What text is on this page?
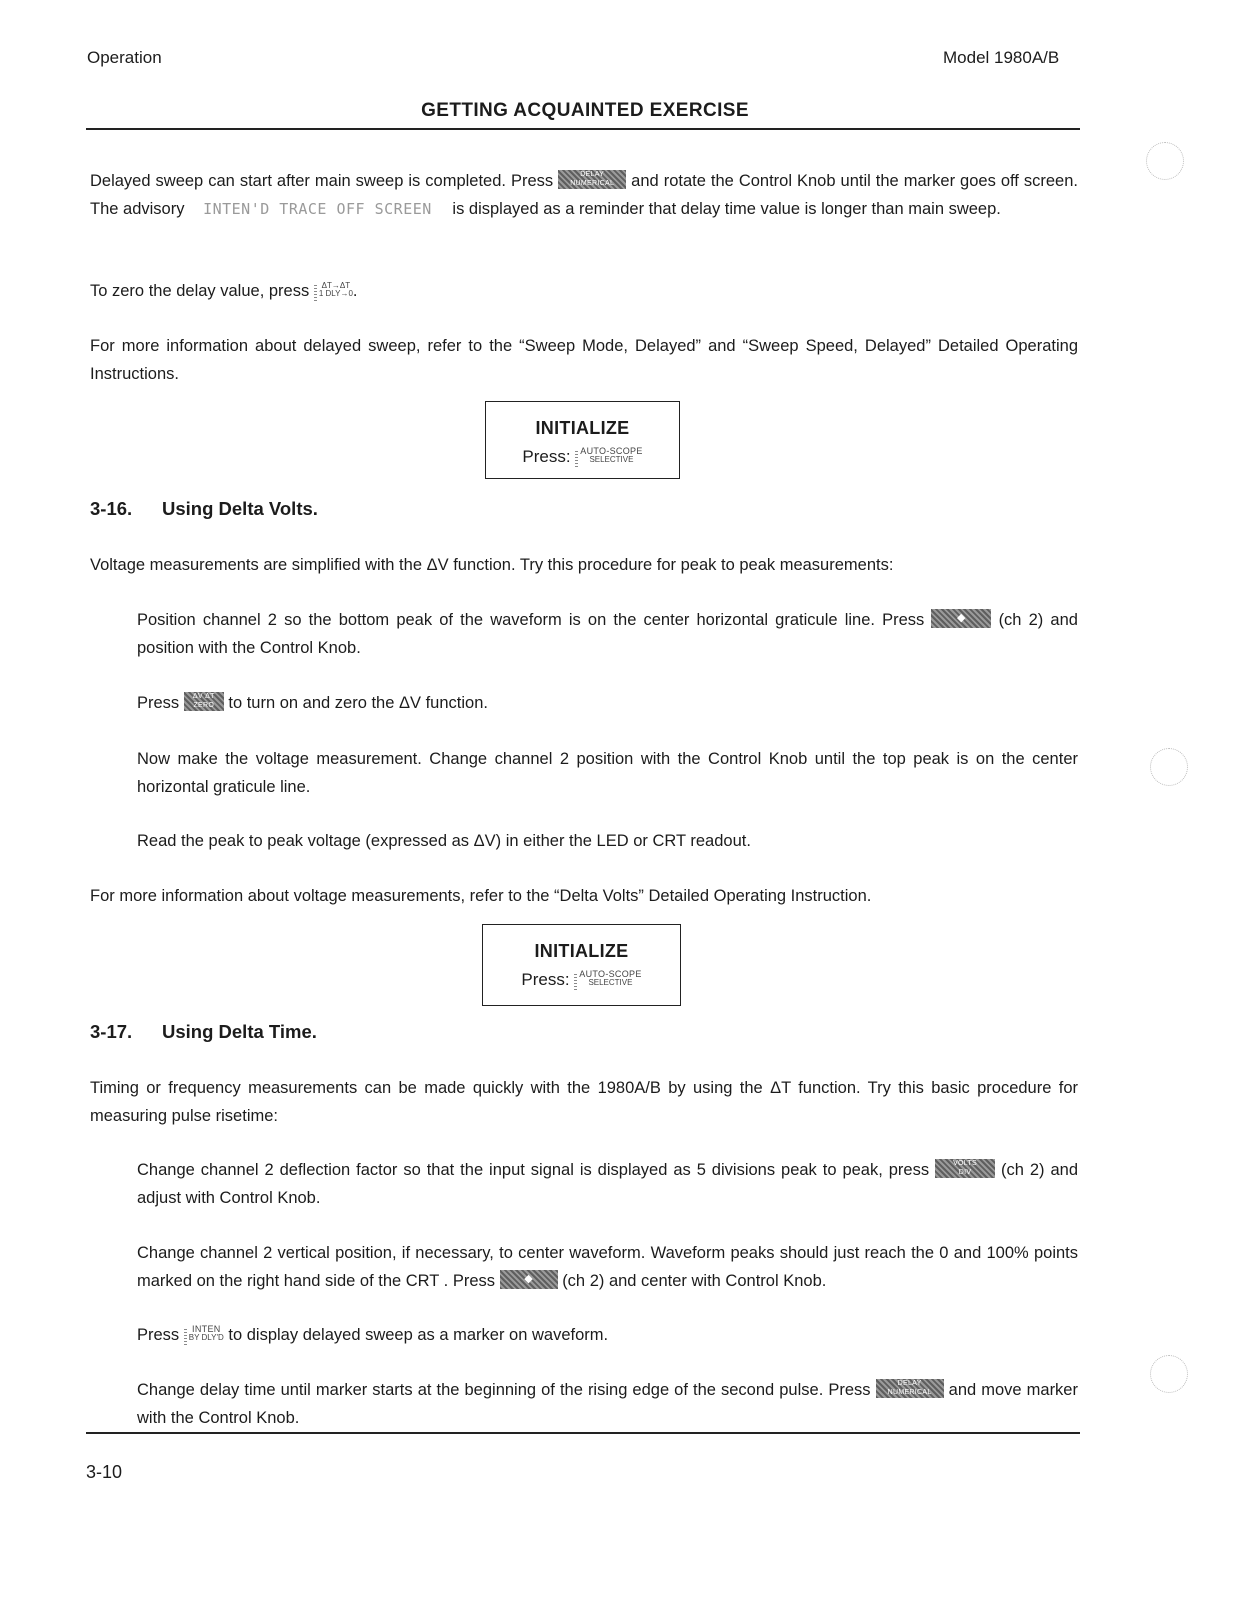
Operation	Model 1980A/B
GETTING ACQUAINTED EXERCISE

Delayed sweep can start after main sweep is completed. Press	DELAY
NUMERICAL	and rotate the Control Knob until the marker goes off screen. The advisory INTEN'D TRACE OFF SCREEN is displayed as a reminder that delay time value is longer than main sweep.

To zero the delay value, press ΔT→ΔT
1 DLY→0.

For more information about delayed sweep, refer to the “Sweep Mode, Delayed” and “Sweep Speed, Delayed” Detailed Operating Instructions.

INITIALIZE
Press: AUTO-SCOPE
SELECTIVE
3-16. Using Delta Volts.

Voltage measurements are simplified with the ΔV function. Try this procedure for peak to peak measurements:

Position channel 2 so the bottom peak of the waveform is on the center horizontal graticule line. Press	◆	(ch 2) and position with the Control Knob.

Press	ΔV ΔT
ZERO to turn on and zero the ΔV function.

Now make the voltage measurement. Change channel 2 position with the Control Knob until the top peak is on the center horizontal graticule line.

Read the peak to peak voltage (expressed as ΔV) in either the LED or CRT readout.

For more information about voltage measurements, refer to the “Delta Volts” Detailed Operating Instruction.

INITIALIZE
Press: AUTO-SCOPE
SELECTIVE
3-17. Using Delta Time.

Timing or frequency measurements can be made quickly with the 1980A/B by using the ΔT function. Try this basic procedure for measuring pulse risetime:

Change channel 2 deflection factor so that the input signal is displayed as 5 divisions peak to peak, press	VOLTS
DIV	(ch 2) and adjust with Control Knob.

Change channel 2 vertical position, if necessary, to center waveform. Waveform peaks should just reach the 0 and 100% points marked on the right hand side of the CRT . Press	◆	(ch 2) and center with Control Knob.

Press INTEN
BY DLY'D to display delayed sweep as a marker on waveform.

Change delay time until marker starts at the beginning of the rising edge of the second pulse. Press	DELAY
NUMERICAL	and move marker with the Control Knob.

3-10
